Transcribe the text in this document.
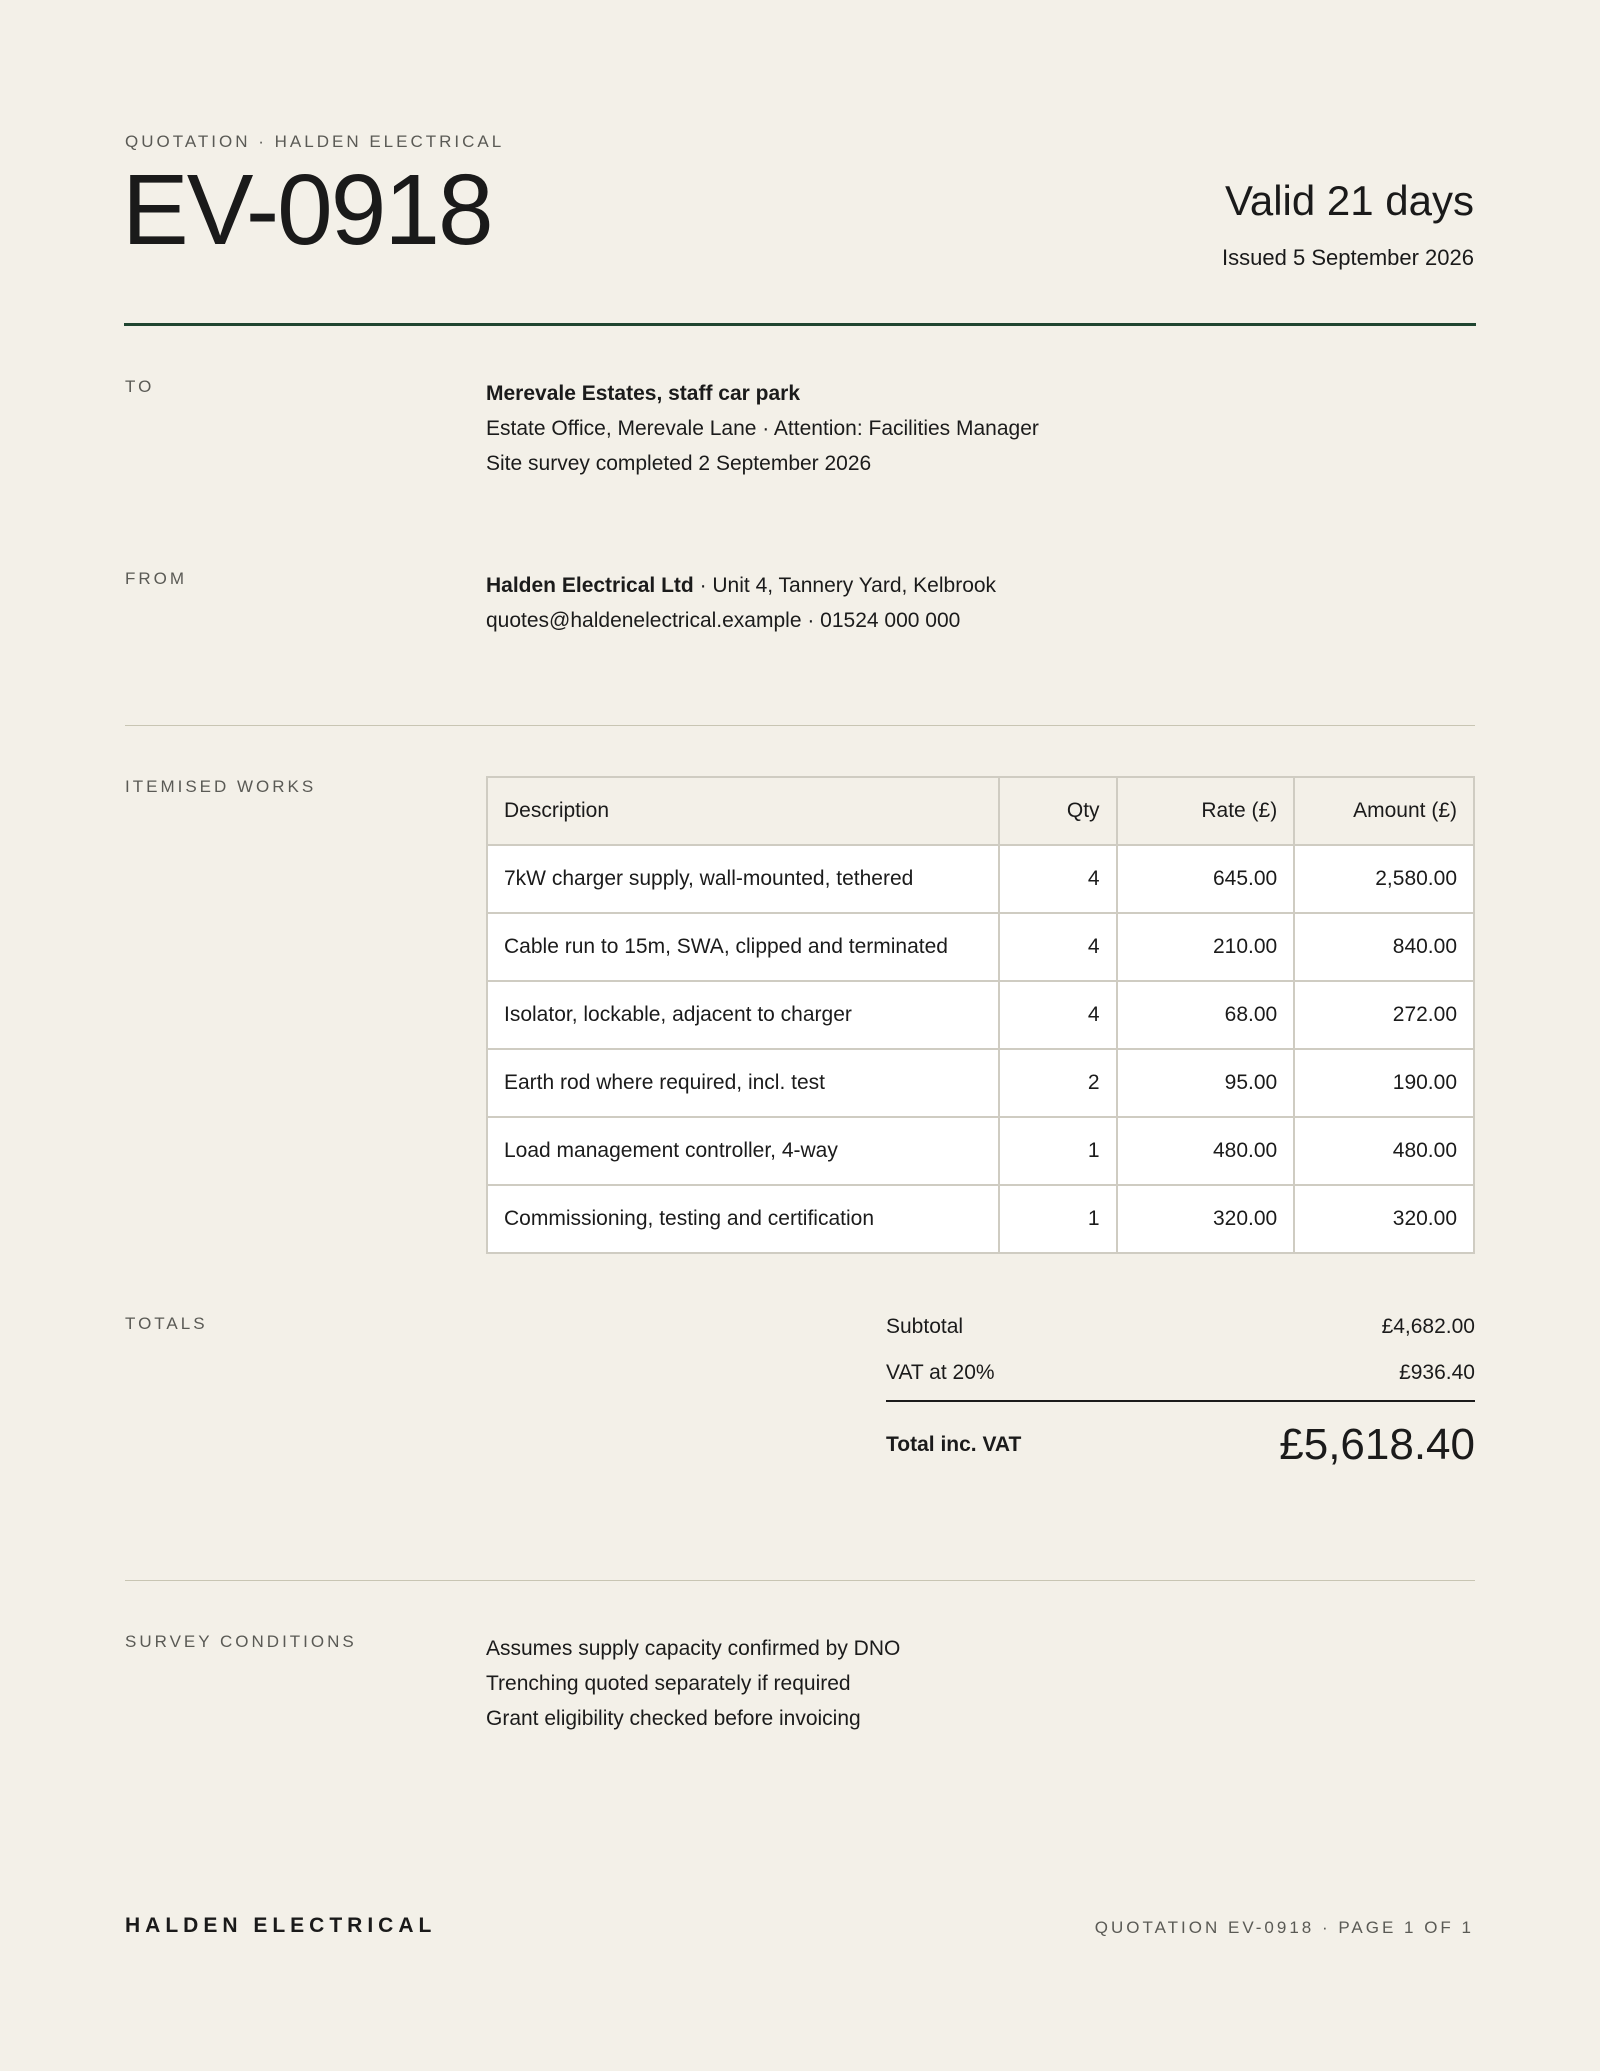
QUOTATION · HALDEN ELECTRICAL
EV-0918	Valid 21 days
Issued 5 September 2026
TO	Merevale Estates, staff car park
Estate Office, Merevale Lane · Attention: Facilities Manager
Site survey completed 2 September 2026
FROM	Halden Electrical Ltd · Unit 4, Tannery Yard, Kelbrook
quotes@haldenelectrical.example · 01524 000 000
ITEMISED WORKS
Description	Qty	Rate (£)	Amount (£)
7kW charger supply, wall-mounted, tethered	4	645.00	2,580.00
Cable run to 15m, SWA, clipped and terminated	4	210.00	840.00
Isolator, lockable, adjacent to charger	4	68.00	272.00
Earth rod where required, incl. test	2	95.00	190.00
Load management controller, 4-way	1	480.00	480.00
Commissioning, testing and certification	1	320.00	320.00
TOTALS	Subtotal	£4,682.00
VAT at 20%	£936.40
Total inc. VAT	£5,618.40
SURVEY CONDITIONS	Assumes supply capacity confirmed by DNO
Trenching quoted separately if required
Grant eligibility checked before invoicing
HALDEN ELECTRICAL	QUOTATION EV-0918 · PAGE 1 OF 1
